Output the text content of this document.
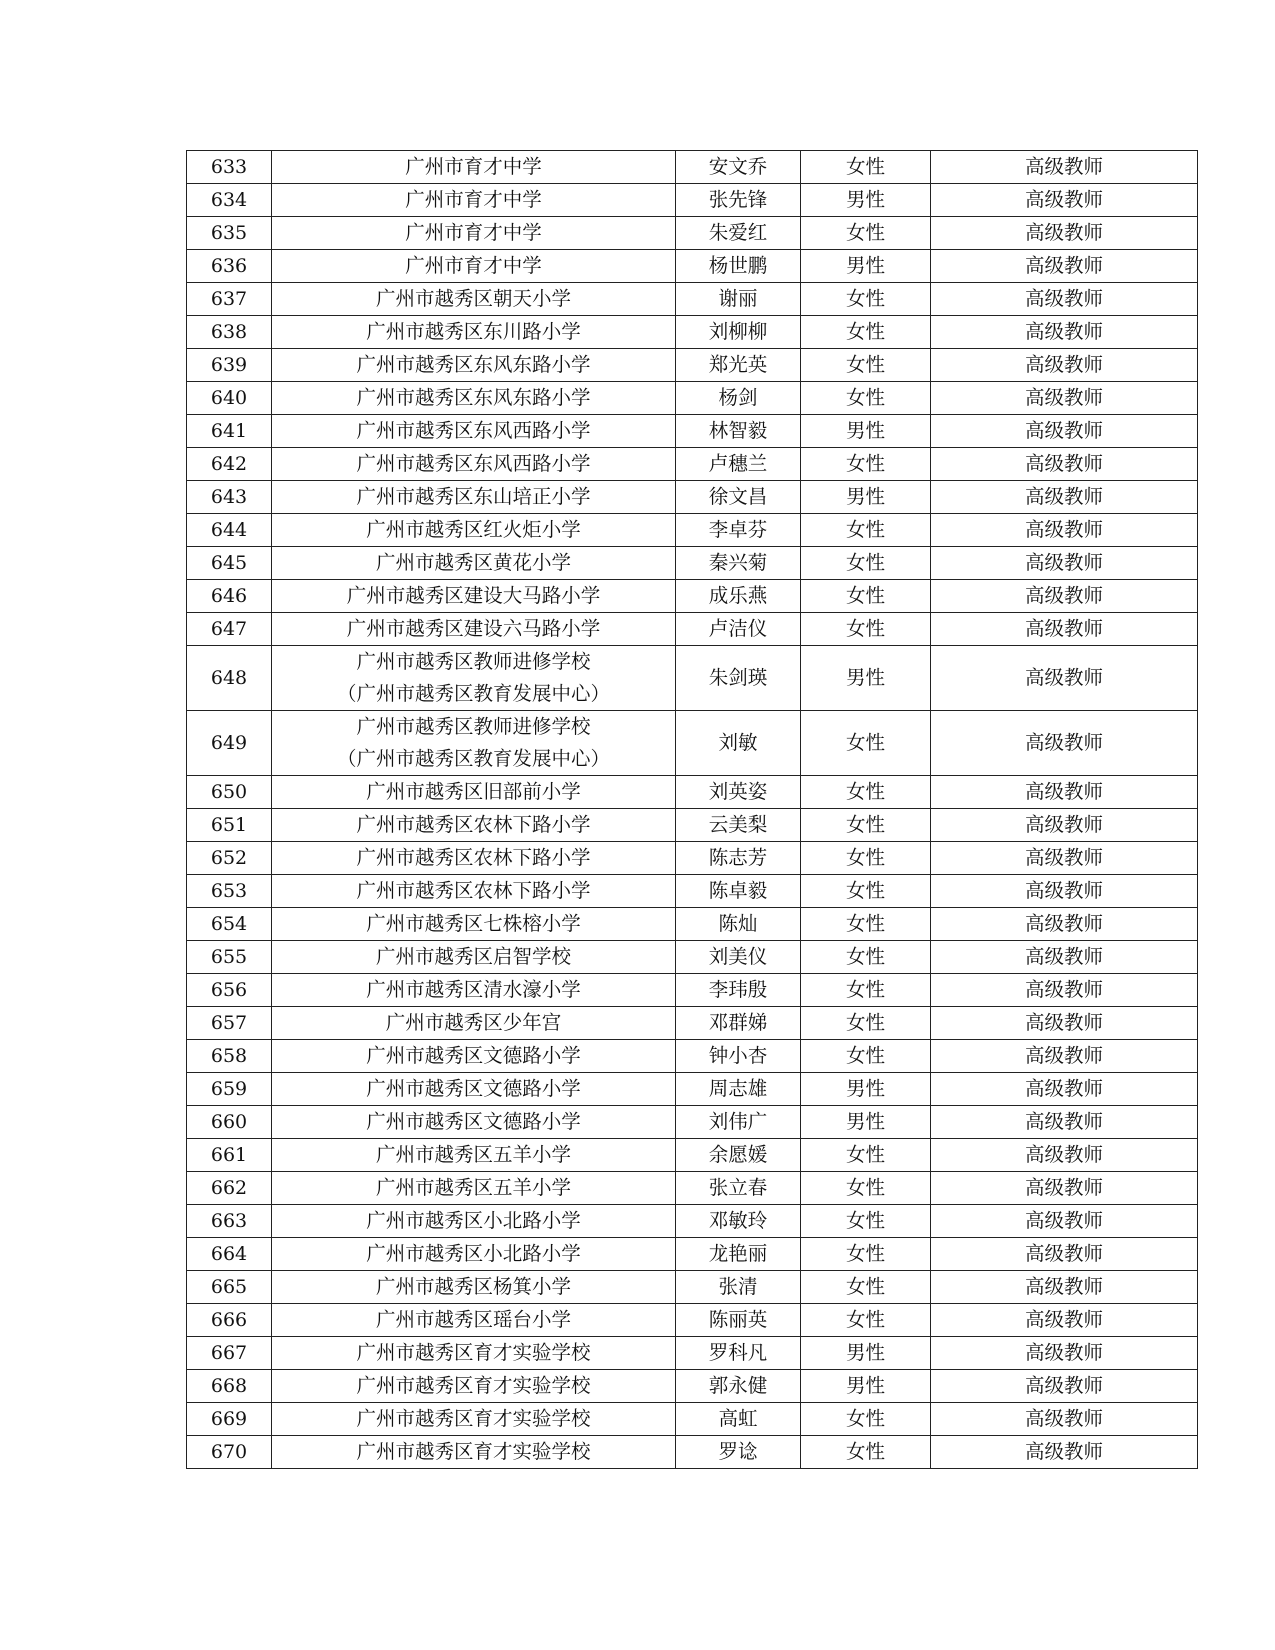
633	广州市育才中学	安文乔	女性	高级教师
634	广州市育才中学	张先锋	男性	高级教师
635	广州市育才中学	朱爱红	女性	高级教师
636	广州市育才中学	杨世鹏	男性	高级教师
637	广州市越秀区朝天小学	谢丽	女性	高级教师
638	广州市越秀区东川路小学	刘柳柳	女性	高级教师
639	广州市越秀区东风东路小学	郑光英	女性	高级教师
640	广州市越秀区东风东路小学	杨剑	女性	高级教师
641	广州市越秀区东风西路小学	林智毅	男性	高级教师
642	广州市越秀区东风西路小学	卢穗兰	女性	高级教师
643	广州市越秀区东山培正小学	徐文昌	男性	高级教师
644	广州市越秀区红火炬小学	李卓芬	女性	高级教师
645	广州市越秀区黄花小学	秦兴菊	女性	高级教师
646	广州市越秀区建设大马路小学	成乐燕	女性	高级教师
647	广州市越秀区建设六马路小学	卢洁仪	女性	高级教师
648	广州市越秀区教师进修学校
（广州市越秀区教育发展中心）	朱剑瑛	男性	高级教师
649	广州市越秀区教师进修学校
（广州市越秀区教育发展中心）	刘敏	女性	高级教师
650	广州市越秀区旧部前小学	刘英姿	女性	高级教师
651	广州市越秀区农林下路小学	云美梨	女性	高级教师
652	广州市越秀区农林下路小学	陈志芳	女性	高级教师
653	广州市越秀区农林下路小学	陈卓毅	女性	高级教师
654	广州市越秀区七株榕小学	陈灿	女性	高级教师
655	广州市越秀区启智学校	刘美仪	女性	高级教师
656	广州市越秀区清水濠小学	李玮殷	女性	高级教师
657	广州市越秀区少年宫	邓群娣	女性	高级教师
658	广州市越秀区文德路小学	钟小杏	女性	高级教师
659	广州市越秀区文德路小学	周志雄	男性	高级教师
660	广州市越秀区文德路小学	刘伟广	男性	高级教师
661	广州市越秀区五羊小学	余愿媛	女性	高级教师
662	广州市越秀区五羊小学	张立春	女性	高级教师
663	广州市越秀区小北路小学	邓敏玲	女性	高级教师
664	广州市越秀区小北路小学	龙艳丽	女性	高级教师
665	广州市越秀区杨箕小学	张清	女性	高级教师
666	广州市越秀区瑶台小学	陈丽英	女性	高级教师
667	广州市越秀区育才实验学校	罗科凡	男性	高级教师
668	广州市越秀区育才实验学校	郭永健	男性	高级教师
669	广州市越秀区育才实验学校	高虹	女性	高级教师
670	广州市越秀区育才实验学校	罗谂	女性	高级教师
